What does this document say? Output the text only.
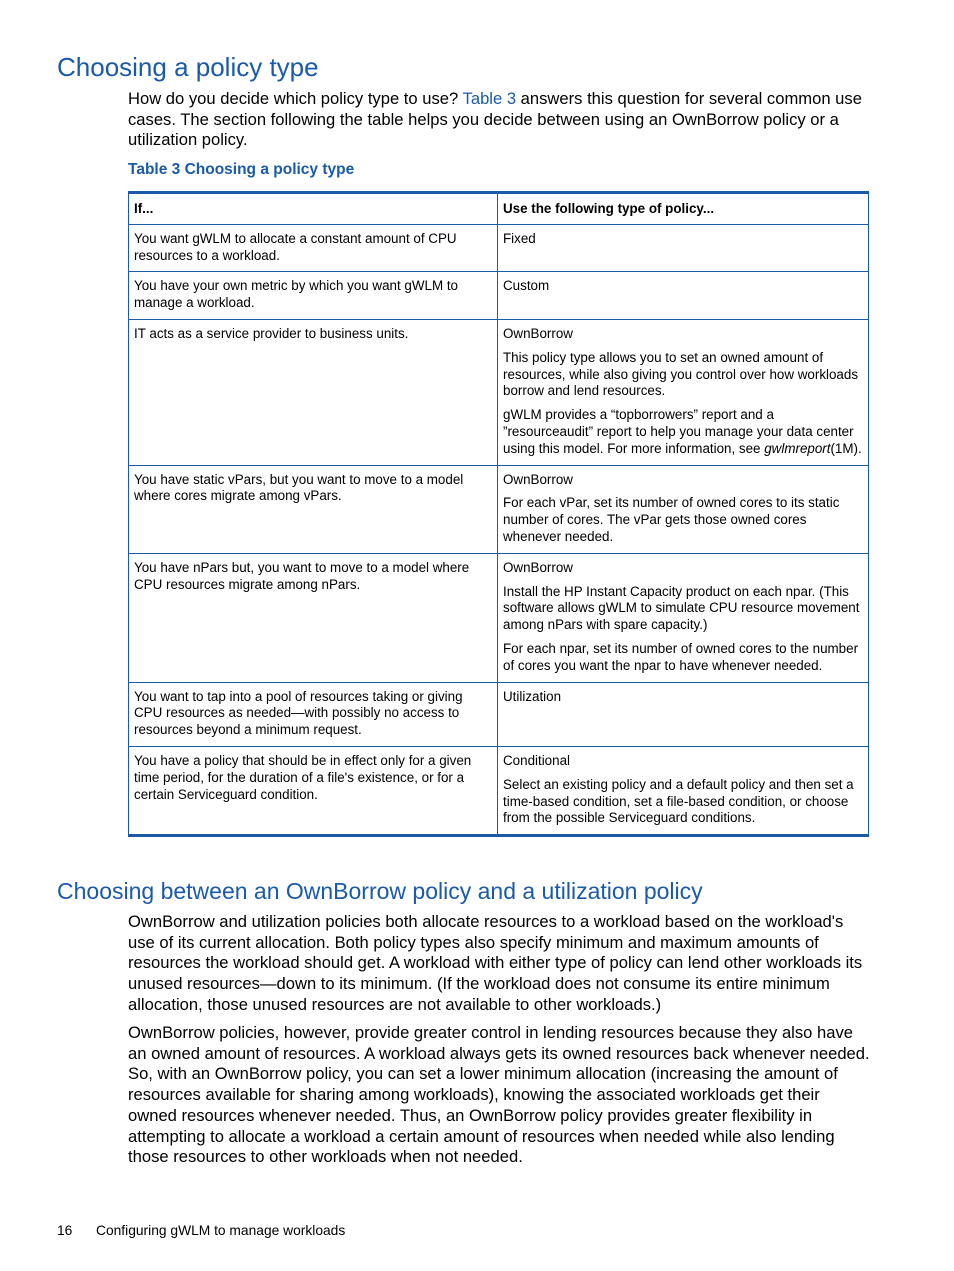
Choosing a policy type

How do you decide which policy type to use? Table 3 answers this question for several common use cases. The section following the table helps you decide between using an OwnBorrow policy or a utilization policy.

Table 3 Choosing a policy type

If...	Use the following type of policy...

You want gWLM to allocate a constant amount of CPU resources to a workload.	Fixed

You have your own metric by which you want gWLM to manage a workload.	Custom

IT acts as a service provider to business units.	OwnBorrow

This policy type allows you to set an owned amount of resources, while also giving you control over how workloads borrow and lend resources.

gWLM provides a “topborrowers” report and a ”resourceaudit” report to help you manage your data center using this model. For more information, see gwlmreport(1M).

You have static vPars, but you want to move to a model where cores migrate among vPars.	OwnBorrow

For each vPar, set its number of owned cores to its static number of cores. The vPar gets those owned cores whenever needed.

You have nPars but, you want to move to a model where CPU resources migrate among nPars.	OwnBorrow

Install the HP Instant Capacity product on each npar. (This software allows gWLM to simulate CPU resource movement among nPars with spare capacity.)

For each npar, set its number of owned cores to the number of cores you want the npar to have whenever needed.

You want to tap into a pool of resources taking or giving CPU resources as needed—with possibly no access to resources beyond a minimum request.	Utilization

You have a policy that should be in effect only for a given time period, for the duration of a file's existence, or for a certain Serviceguard condition.	Conditional

Select an existing policy and a default policy and then set a time-based condition, set a file-based condition, or choose from the possible Serviceguard conditions.

Choosing between an OwnBorrow policy and a utilization policy

OwnBorrow and utilization policies both allocate resources to a workload based on the workload's use of its current allocation. Both policy types also specify minimum and maximum amounts of resources the workload should get. A workload with either type of policy can lend other workloads its unused resources—down to its minimum. (If the workload does not consume its entire minimum allocation, those unused resources are not available to other workloads.)

OwnBorrow policies, however, provide greater control in lending resources because they also have an owned amount of resources. A workload always gets its owned resources back whenever needed. So, with an OwnBorrow policy, you can set a lower minimum allocation (increasing the amount of resources available for sharing among workloads), knowing the associated workloads get their owned resources whenever needed. Thus, an OwnBorrow policy provides greater flexibility in attempting to allocate a workload a certain amount of resources when needed while also lending those resources to other workloads when not needed.

16 Configuring gWLM to manage workloads
